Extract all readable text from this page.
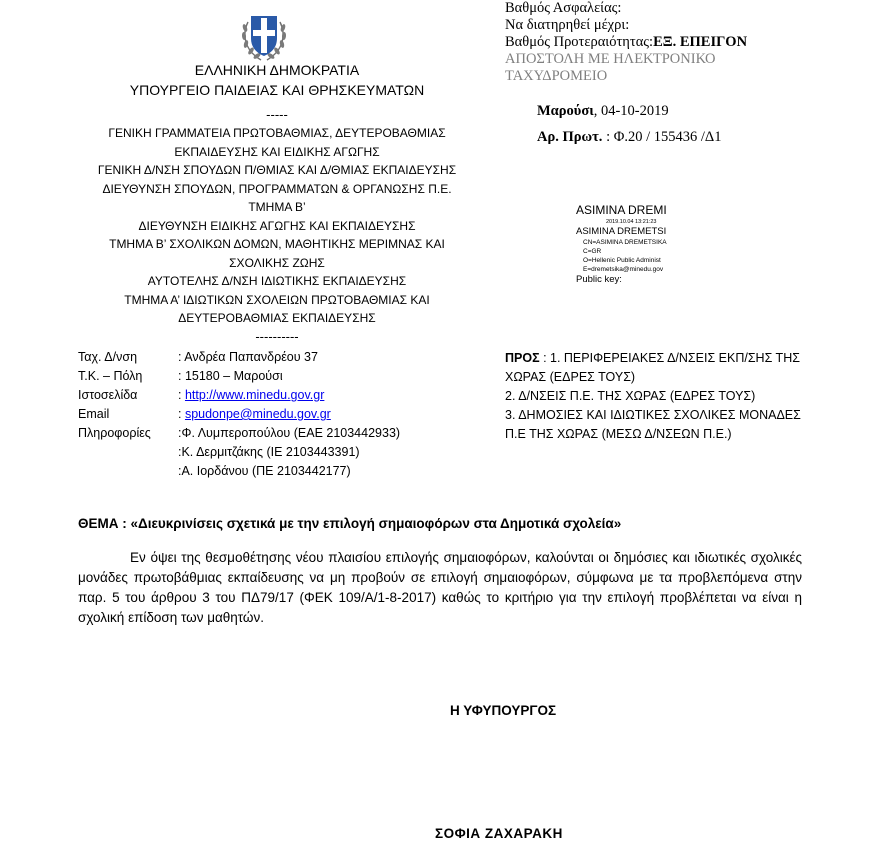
ΕΛΛΗΝΙΚΗ ΔΗΜΟΚΡΑΤΙΑ
ΥΠΟΥΡΓΕΙΟ ΠΑΙΔΕΙΑΣ ΚΑΙ ΘΡΗΣΚΕΥΜΑΤΩΝ
-----
ΓΕΝΙΚΗ ΓΡΑΜΜΑΤΕΙΑ ΠΡΩΤΟΒΑΘΜΙΑΣ, ΔΕΥΤΕΡΟΒΑΘΜΙΑΣ
ΕΚΠΑΙΔΕΥΣΗΣ ΚΑΙ ΕΙΔΙΚΗΣ ΑΓΩΓΗΣ
ΓΕΝΙΚΗ Δ/ΝΣΗ ΣΠΟΥΔΩΝ Π/ΘΜΙΑΣ ΚΑΙ Δ/ΘΜΙΑΣ ΕΚΠΑΙΔΕΥΣΗΣ
ΔΙΕΥΘΥΝΣΗ ΣΠΟΥΔΩΝ, ΠΡΟΓΡΑΜΜΑΤΩΝ & ΟΡΓΑΝΩΣΗΣ Π.Ε.
ΤΜΗΜΑ Β’
ΔΙΕΥΘΥΝΣΗ ΕΙΔΙΚΗΣ ΑΓΩΓΗΣ ΚΑΙ ΕΚΠΑΙΔΕΥΣΗΣ
ΤΜΗΜΑ Β’ ΣΧΟΛΙΚΩΝ ΔΟΜΩΝ, ΜΑΘΗΤΙΚΗΣ ΜΕΡΙΜΝΑΣ ΚΑΙ
ΣΧΟΛΙΚΗΣ ΖΩΗΣ
ΑΥΤΟΤΕΛΗΣ Δ/ΝΣΗ ΙΔΙΩΤΙΚΗΣ ΕΚΠΑΙΔΕΥΣΗΣ
ΤΜΗΜΑ Α’ ΙΔΙΩΤΙΚΩΝ ΣΧΟΛΕΙΩΝ ΠΡΩΤΟΒΑΘΜΙΑΣ ΚΑΙ
ΔΕΥΤΕΡΟΒΑΘΜΙΑΣ ΕΚΠΑΙΔΕΥΣΗΣ
----------
Βαθμός Ασφαλείας:
Να διατηρηθεί μέχρι:
Βαθμός Προτεραιότητας:ΕΞ. ΕΠΕΙΓΟΝ
ΑΠΟΣΤΟΛΗ ΜΕ ΗΛΕΚΤΡΟΝΙΚΟ
ΤΑΧΥΔΡΟΜΕΙΟ
Μαρούσι, 04-10-2019
Αρ. Πρωτ. : Φ.20 / 155436 /Δ1
ASIMINA DREMI
2019.10.04 13:21:23
ASIMINA DREMETSI
CN=ASIMINA DREMETSIKA
C=GR
O=Hellenic Public Administ
E=dremetsika@minedu.gov
Public key:
Ταχ. Δ/νση	: Ανδρέα Παπανδρέου 37
Τ.Κ. – Πόλη	: 15180 – Μαρούσι
Ιστοσελίδα	: http://www.minedu.gov.gr
Email	: spudonpe@minedu.gov.gr
Πληροφορίες	:Φ. Λυμπεροπούλου (ΕΑΕ 2103442933)
:Κ. Δερμιτζάκης (ΙΕ 2103443391)
:Α. Ιορδάνου (ΠΕ 2103442177)
ΠΡΟΣ : 1. ΠΕΡΙΦΕΡΕΙΑΚΕΣ Δ/ΝΣΕΙΣ ΕΚΠ/ΣΗΣ ΤΗΣ
ΧΩΡΑΣ (ΕΔΡΕΣ ΤΟΥΣ)
2. Δ/ΝΣΕΙΣ Π.Ε. ΤΗΣ ΧΩΡΑΣ (ΕΔΡΕΣ ΤΟΥΣ)
3. ΔΗΜΟΣΙΕΣ ΚΑΙ ΙΔΙΩΤΙΚΕΣ ΣΧΟΛΙΚΕΣ ΜΟΝΑΔΕΣ
Π.Ε ΤΗΣ ΧΩΡΑΣ (ΜΕΣΩ Δ/ΝΣΕΩΝ Π.Ε.)
ΘΕΜΑ : «Διευκρινίσεις σχετικά με την επιλογή σημαιοφόρων στα Δημοτικά σχολεία»
Εν όψει της θεσμοθέτησης νέου πλαισίου επιλογής σημαιοφόρων, καλούνται οι δημόσιες και ιδιωτικές σχολικές μονάδες πρωτοβάθμιας εκπαίδευσης να μη προβούν σε επιλογή σημαιοφόρων, σύμφωνα με τα προβλεπόμενα στην παρ. 5 του άρθρου 3 του ΠΔ79/17 (ΦΕΚ 109/Α/1-8-2017) καθώς το κριτήριο για την επιλογή προβλέπεται να είναι η σχολική επίδοση των μαθητών.
Η ΥΦΥΠΟΥΡΓΟΣ
ΣΟΦΙΑ ΖΑΧΑΡΑΚΗ
